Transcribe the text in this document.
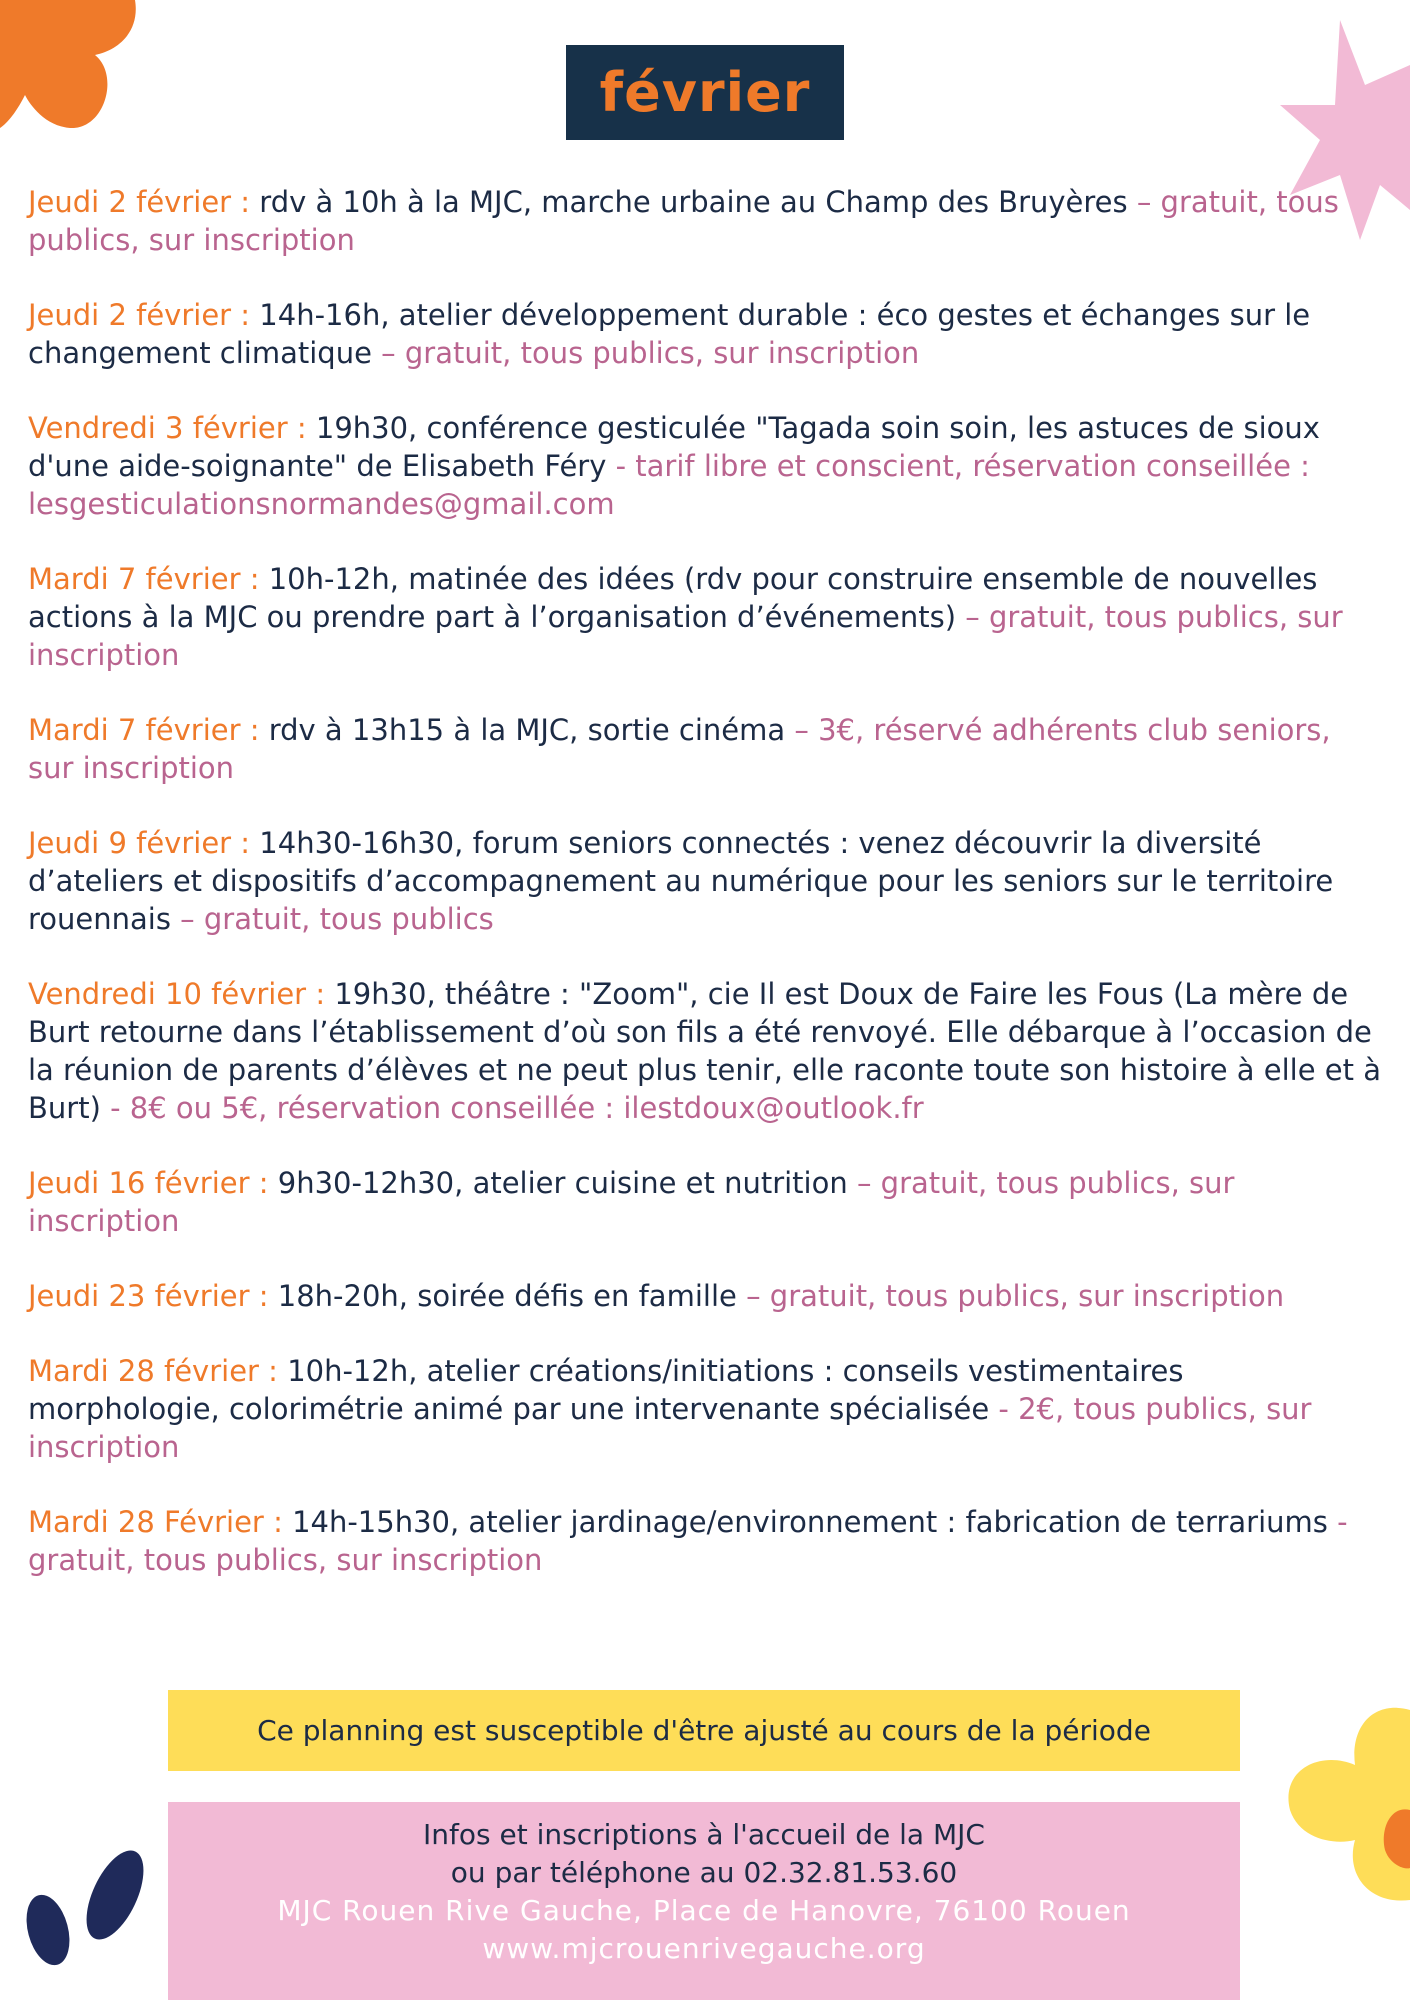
février

Jeudi 2 février : rdv à 10h à la MJC, marche urbaine au Champ des Bruyères – gratuit, tous publics, sur inscription

Jeudi 2 février : 14h-16h, atelier développement durable : éco gestes et échanges sur le changement climatique – gratuit, tous publics, sur inscription

Vendredi 3 février : 19h30, conférence gesticulée "Tagada soin soin, les astuces de sioux d'une aide-soignante" de Elisabeth Féry - tarif libre et conscient, réservation conseillée : lesgesticulationsnormandes@gmail.com

Mardi 7 février : 10h-12h, matinée des idées (rdv pour construire ensemble de nouvelles actions à la MJC ou prendre part à l’organisation d’événements) – gratuit, tous publics, sur inscription

Mardi 7 février : rdv à 13h15 à la MJC, sortie cinéma – 3€, réservé adhérents club seniors, sur inscription

Jeudi 9 février : 14h30-16h30, forum seniors connectés : venez découvrir la diversité d’ateliers et dispositifs d’accompagnement au numérique pour les seniors sur le territoire rouennais – gratuit, tous publics

Vendredi 10 février : 19h30, théâtre : "Zoom", cie Il est Doux de Faire les Fous (La mère de Burt retourne dans l’établissement d’où son fils a été renvoyé. Elle débarque à l’occasion de la réunion de parents d’élèves et ne peut plus tenir, elle raconte toute son histoire à elle et à Burt) - 8€ ou 5€, réservation conseillée : ilestdoux@outlook.fr

Jeudi 16 février : 9h30-12h30, atelier cuisine et nutrition – gratuit, tous publics, sur inscription

Jeudi 23 février : 18h-20h, soirée défis en famille – gratuit, tous publics, sur inscription

Mardi 28 février : 10h-12h, atelier créations/initiations : conseils vestimentaires morphologie, colorimétrie animé par une intervenante spécialisée - 2€, tous publics, sur inscription

Mardi 28 Février : 14h-15h30, atelier jardinage/environnement : fabrication de terrariums - gratuit, tous publics, sur inscription

Ce planning est susceptible d'être ajusté au cours de la période
Infos et inscriptions à l'accueil de la MJC
ou par téléphone au 02.32.81.53.60
MJC Rouen Rive Gauche, Place de Hanovre, 76100 Rouen
www.mjcrouenrivegauche.org
